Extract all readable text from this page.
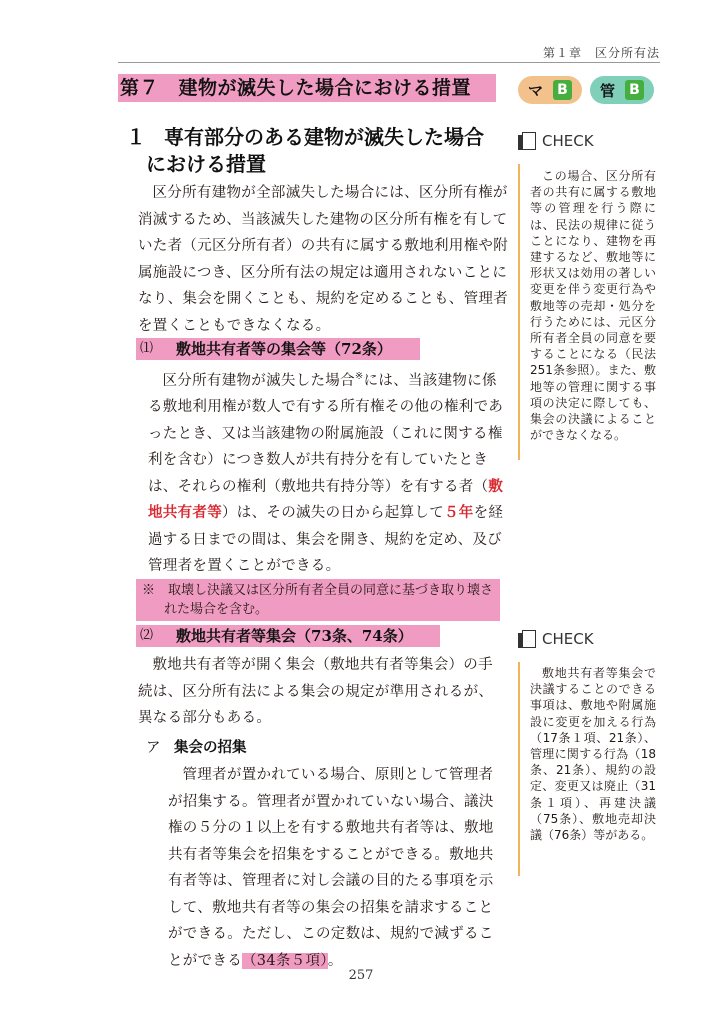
第１章　区分所有法
第７　建物が滅失した場合における措置	マ B 管 B
１ 専有部分のある建物が滅失した場合
における措置
区分所有建物が全部滅失した場合には、区分所有権が消滅するため、当該滅失した建物の区分所有権を有していた者（元区分所有者）の共有に属する敷地利用権や附属施設につき、区分所有法の規定は適用されないことになり、集会を開くことも、規約を定めることも、管理者を置くこともできなくなる。
⑴	敷地共有者等の集会等（72条）
区分所有建物が滅失した場合※には、当該建物に係る敷地利用権が数人で有する所有権その他の権利であったとき、又は当該建物の附属施設（これに関する権利を含む）につき数人が共有持分を有していたときは、それらの権利（敷地共有持分等）を有する者（敷地共有者等）は、その滅失の日から起算して５年を経過する日までの間は、集会を開き、規約を定め、及び管理者を置くことができる。
※　取壊し決議又は区分所有者全員の同意に基づき取り壊された場合を含む。
⑵	敷地共有者等集会（73条、74条）
敷地共有者等が開く集会（敷地共有者等集会）の手続は、区分所有法による集会の規定が準用されるが、異なる部分もある。
ア 集会の招集
管理者が置かれている場合、原則として管理者が招集する。管理者が置かれていない場合、議決権の５分の１以上を有する敷地共有者等は、敷地共有者等集会を招集をすることができる。敷地共有者等は、管理者に対し会議の目的たる事項を示して、敷地共有者等の集会の招集を請求することができる。ただし、この定数は、規約で減ずることができる（34条５項）。
CHECK
この場合、区分所有者の共有に属する敷地等の管理を行う際には、民法の規律に従うことになり、建物を再建するなど、敷地等に形状又は効用の著しい変更を伴う変更行為や敷地等の売却・処分を行うためには、元区分所有者全員の同意を要することになる（民法251条参照）。また、敷地等の管理に関する事項の決定に際しても、集会の決議によることができなくなる。
CHECK
敷地共有者等集会で決議することのできる事項は、敷地や附属施設に変更を加える行為（17条１項、21条）、管理に関する行為（18条、21条）、規約の設定、変更又は廃止（31条１項）、再建決議（75条）、敷地売却決議（76条）等がある。
257
